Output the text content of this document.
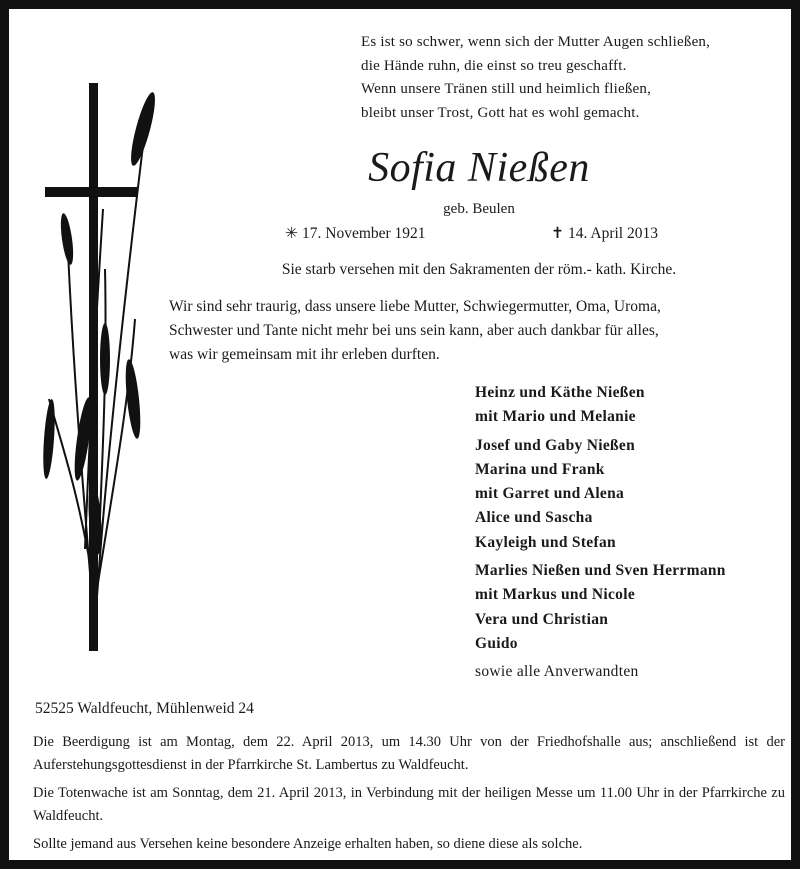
Es ist so schwer, wenn sich der Mutter Augen schließen,
die Hände ruhn, die einst so treu geschafft.
Wenn unsere Tränen still und heimlich fließen,
bleibt unser Trost, Gott hat es wohl gemacht.
Sofia Nießen
geb. Beulen
✳ 17. November 1921	✝ 14. April 2013
Sie starb versehen mit den Sakramenten der röm.- kath. Kirche.
Wir sind sehr traurig, dass unsere liebe Mutter, Schwiegermutter, Oma, Uroma,
Schwester und Tante nicht mehr bei uns sein kann, aber auch dankbar für alles,
was wir gemeinsam mit ihr erleben durften.
Heinz und Käthe Nießen
mit Mario und Melanie
Josef und Gaby Nießen
Marina und Frank
mit Garret und Alena
Alice und Sascha
Kayleigh und Stefan
Marlies Nießen und Sven Herrmann
mit Markus und Nicole
Vera und Christian
Guido
sowie alle Anverwandten
52525 Waldfeucht, Mühlenweid 24

Die Beerdigung ist am Montag, dem 22. April 2013, um 14.30 Uhr von der Friedhofshalle aus; anschließend ist der Auferstehungsgottesdienst in der Pfarrkirche St. Lambertus zu Waldfeucht.

Die Totenwache ist am Sonntag, dem 21. April 2013, in Verbindung mit der heiligen Messe um 11.00 Uhr in der Pfarrkirche zu Waldfeucht.

Sollte jemand aus Versehen keine besondere Anzeige erhalten haben, so diene diese als solche.
